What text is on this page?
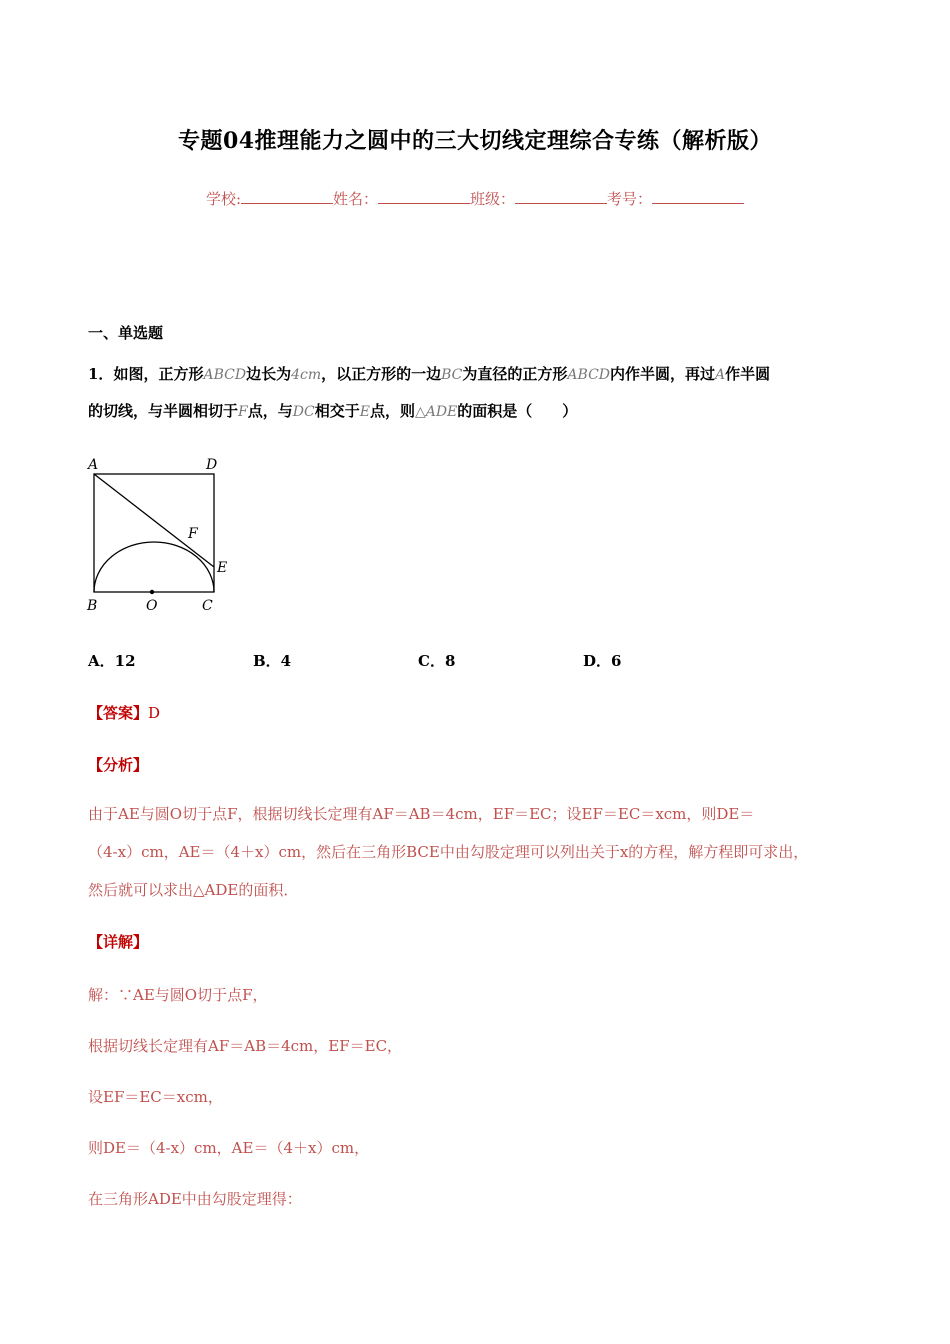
专题04推理能力之圆中的三大切线定理综合专练（解析版）
学校:	姓名：	班级：	考号：
一、单选题
1．如图，正方形ABCD边长为4cm，以正方形的一边BC为直径的正方形ABCD内作半圆，再过A作半圆
的切线，与半圆相切于F点，与DC相交于E点，则△ADE的面积是（　　）
A	D
F
E
B	O	C
A．12	B．4	C．8	D．6
【答案】D
【分析】
由于AE与圆O切于点F，根据切线长定理有AF＝AB＝4cm，EF＝EC；设EF＝EC＝xcm，则DE＝
（4-x）cm，AE＝（4＋x）cm，然后在三角形BCE中由勾股定理可以列出关于x的方程，解方程即可求出，
然后就可以求出△ADE的面积．
【详解】
解：∵AE与圆O切于点F，
根据切线长定理有AF＝AB＝4cm，EF＝EC，
设EF＝EC＝xcm，
则DE＝（4-x）cm，AE＝（4＋x）cm，
在三角形ADE中由勾股定理得：
